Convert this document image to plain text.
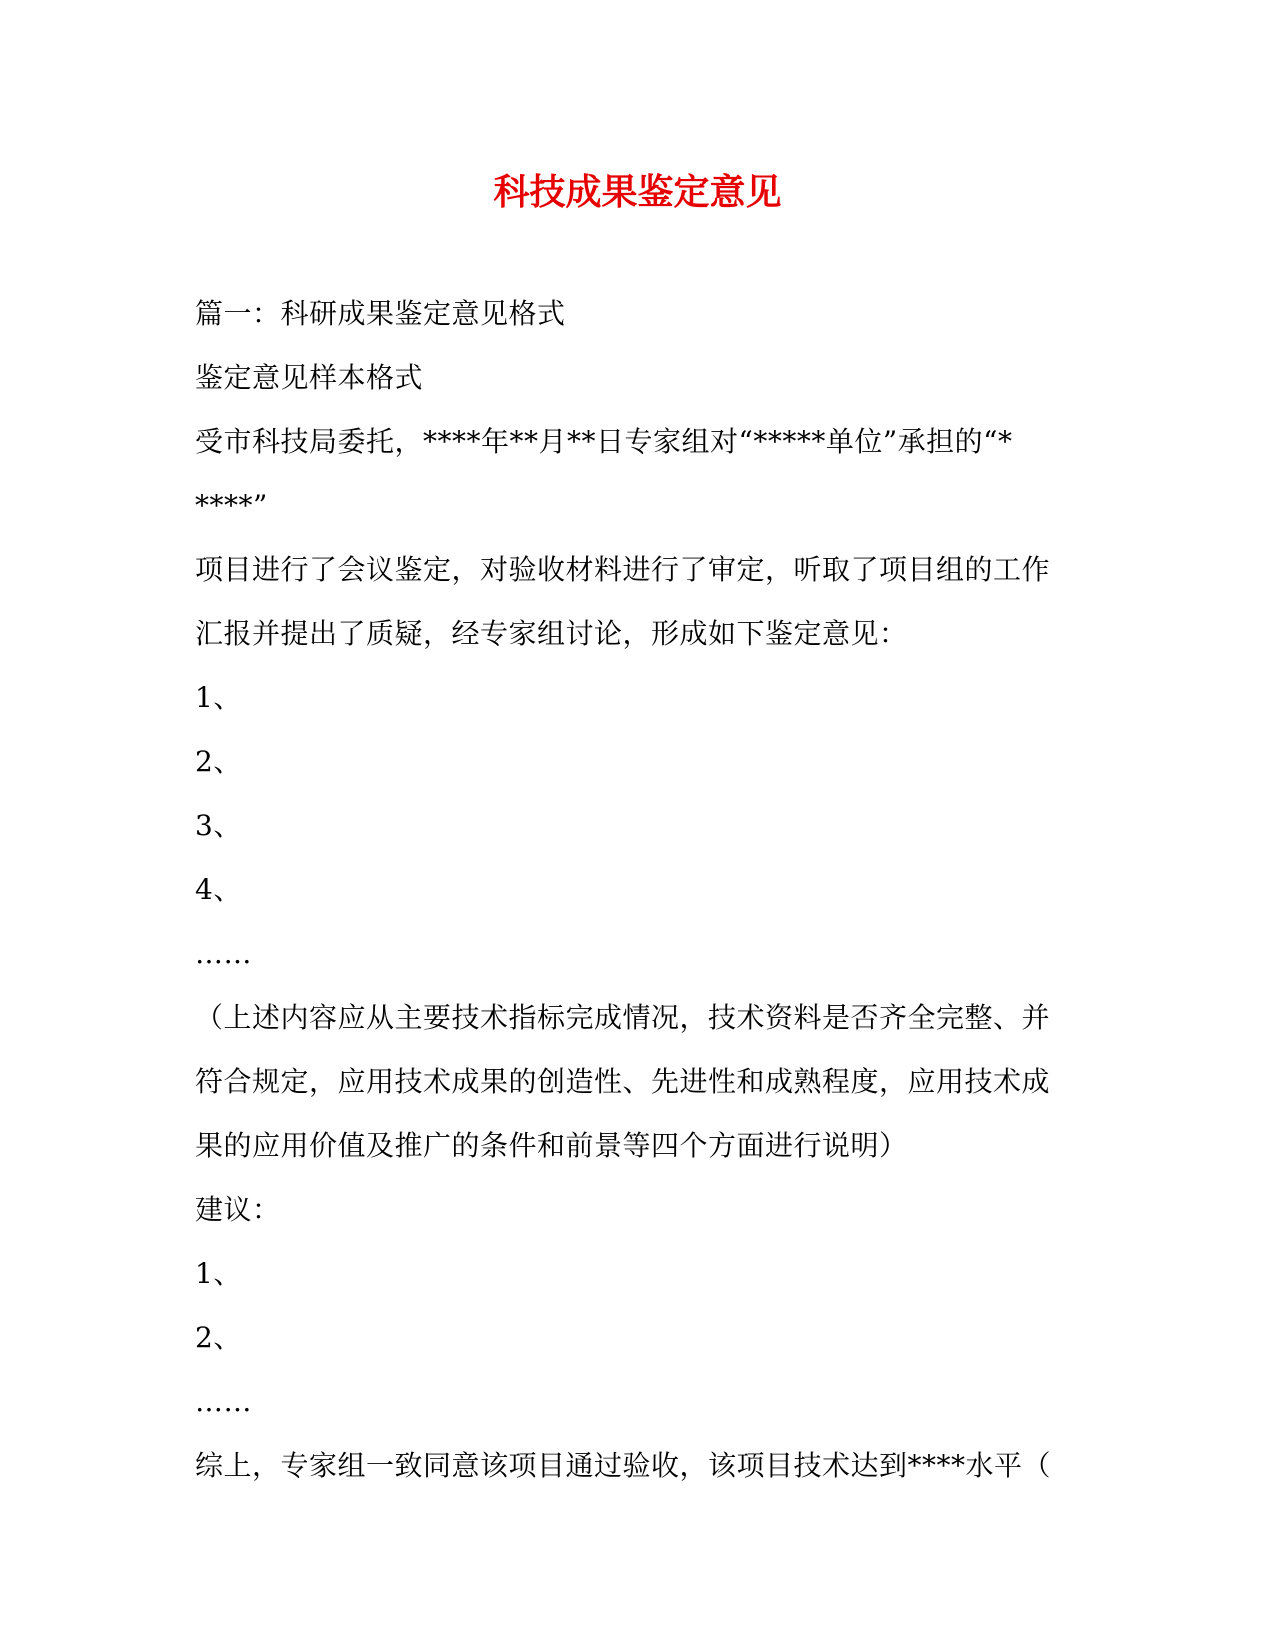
科技成果鉴定意见
篇一：科研成果鉴定意见格式
鉴定意见样本格式
受市科技局委托，****年**月**日专家组对“*****单位”承担的“*
****”
项目进行了会议鉴定，对验收材料进行了审定，听取了项目组的工作
汇报并提出了质疑，经专家组讨论，形成如下鉴定意见：
1、
2、
3、
4、
……
（上述内容应从主要技术指标完成情况，技术资料是否齐全完整、并
符合规定，应用技术成果的创造性、先进性和成熟程度，应用技术成
果的应用价值及推广的条件和前景等四个方面进行说明）
建议：
1、
2、
……
综上，专家组一致同意该项目通过验收，该项目技术达到****水平（
